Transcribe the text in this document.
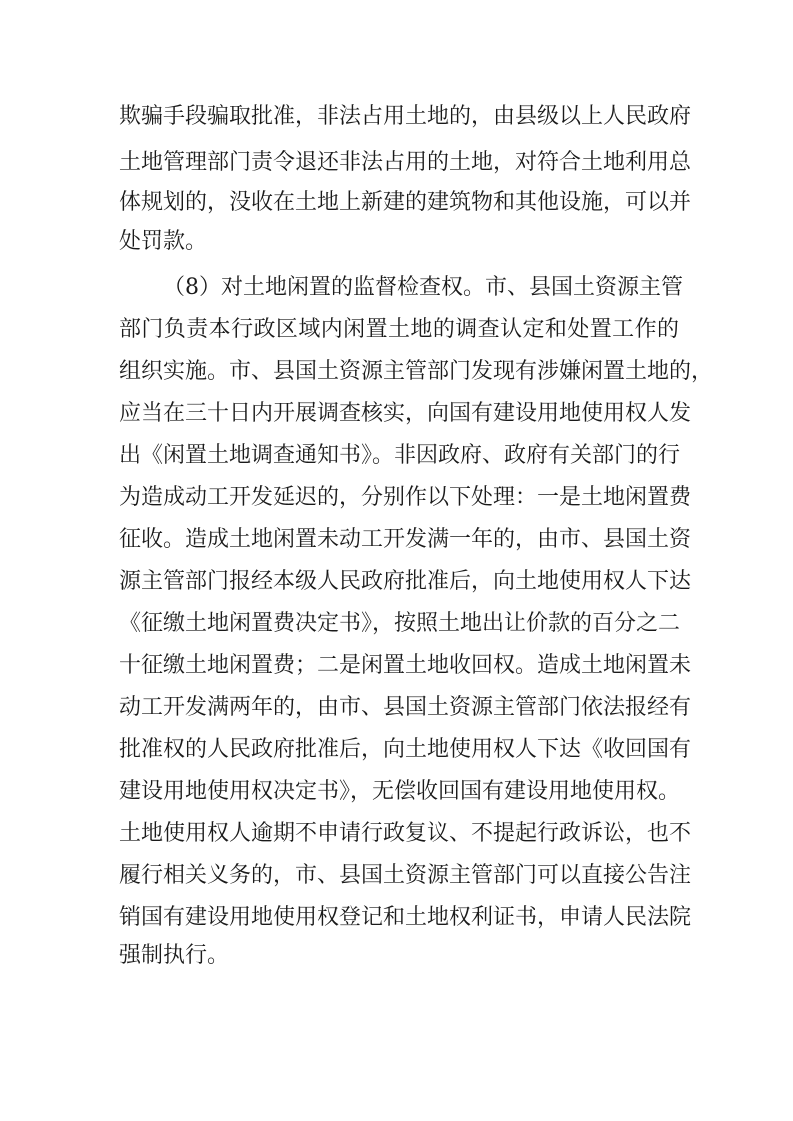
欺骗手段骗取批准，非法占用土地的，由县级以上人民政府
土地管理部门责令退还非法占用的土地，对符合土地利用总
体规划的，没收在土地上新建的建筑物和其他设施，可以并
处罚款。
（8）对土地闲置的监督检查权。市、县国土资源主管
部门负责本行政区域内闲置土地的调查认定和处置工作的
组织实施。市、县国土资源主管部门发现有涉嫌闲置土地的，
应当在三十日内开展调查核实，向国有建设用地使用权人发
出《闲置土地调查通知书》。非因政府、政府有关部门的行
为造成动工开发延迟的，分别作以下处理：一是土地闲置费
征收。造成土地闲置未动工开发满一年的，由市、县国土资
源主管部门报经本级人民政府批准后，向土地使用权人下达
《征缴土地闲置费决定书》，按照土地出让价款的百分之二
十征缴土地闲置费；二是闲置土地收回权。造成土地闲置未
动工开发满两年的，由市、县国土资源主管部门依法报经有
批准权的人民政府批准后，向土地使用权人下达《收回国有
建设用地使用权决定书》，无偿收回国有建设用地使用权。
土地使用权人逾期不申请行政复议、不提起行政诉讼，也不
履行相关义务的，市、县国土资源主管部门可以直接公告注
销国有建设用地使用权登记和土地权利证书，申请人民法院
强制执行。
